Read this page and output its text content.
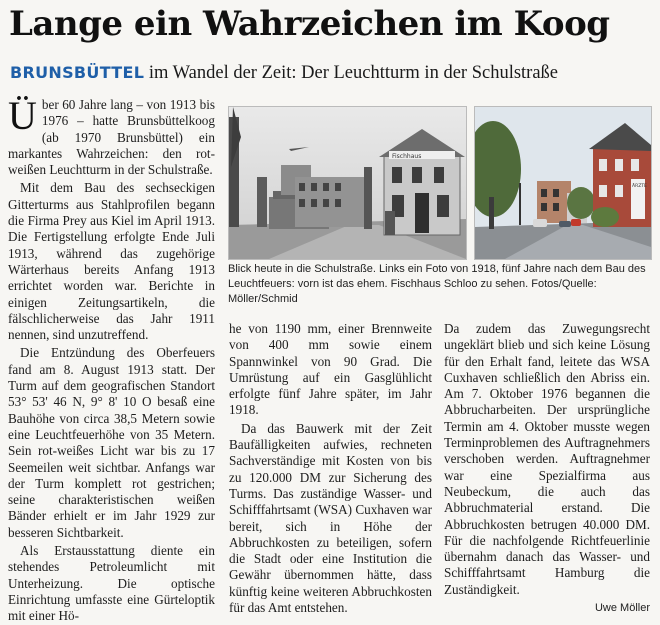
Lange ein Wahrzeichen im Koog
BRUNSBÜTTEL im Wandel der Zeit: Der Leuchtturm in der Schulstraße

Über 60 Jahre lang – von 1913 bis 1976 – hatte Brunsbüttelkoog (ab 1970 Brunsbüttel) ein markantes Wahrzeichen: den rot-weißen Leuchtturm in der Schulstraße.

Mit dem Bau des sechseckigen Gitterturms aus Stahlprofilen begann die Firma Prey aus Kiel im April 1913. Die Fertigstellung erfolgte Ende Juli 1913, während das zugehörige Wärterhaus bereits Anfang 1913 errichtet worden war. Berichte in einigen Zeitungsartikeln, die fälschlicherweise das Jahr 1911 nennen, sind unzutreffend.

Die Entzündung des Oberfeuers fand am 8. August 1913 statt. Der Turm auf dem geografischen Standort 53° 53' 46 N, 9° 8' 10 O besaß eine Bauhöhe von circa 38,5 Metern sowie eine Leuchtfeuerhöhe von 35 Metern. Sein rot-weißes Licht war bis zu 17 Seemeilen weit sichtbar. Anfangs war der Turm komplett rot gestrichen; seine charakteristischen weißen Bänder erhielt er im Jahr 1929 zur besseren Sichtbarkeit.

Als Erstausstattung diente ein stehendes Petroleumlicht mit Unterheizung. Die optische Einrichtung umfasste eine Gürteloptik mit einer Hö-

Fischhaus
ÄRZTE
Blick heute in die Schulstraße. Links ein Foto von 1918, fünf Jahre nach dem Bau des Leuchtfeuers: vorn ist das ehem. Fischhaus Schloo zu sehen. Fotos/Quelle: Möller/Schmid

he von 1190 mm, einer Brennweite von 400 mm sowie einem Spannwinkel von 90 Grad. Die Umrüstung auf ein Gasglühlicht erfolgte fünf Jahre später, im Jahr 1918.

Da das Bauwerk mit der Zeit Baufälligkeiten aufwies, rechneten Sachverständige mit Kosten von bis zu 120.000 DM zur Sicherung des Turms. Das zuständige Wasser- und Schifffahrtsamt (WSA) Cuxhaven war bereit, sich in Höhe der Abbruchkosten zu beteiligen, sofern die Stadt oder eine Institution die Gewähr übernommen hätte, dass künftig keine weiteren Abbruchkosten für das Amt entstehen.

Da zudem das Zuwegungsrecht ungeklärt blieb und sich keine Lösung für den Erhalt fand, leitete das WSA Cuxhaven schließlich den Abriss ein. Am 7. Oktober 1976 begannen die Abbrucharbeiten. Der ursprüngliche Termin am 4. Oktober musste wegen Terminproblemen des Auftragnehmers verschoben werden. Auftragnehmer war eine Spezialfirma aus Neubeckum, die auch das Abbruchmaterial erstand. Die Abbruchkosten betrugen 40.000 DM. Für die nachfolgende Richtfeuerlinie übernahm danach das Wasser- und Schifffahrtsamt Hamburg die Zuständigkeit.

Uwe Möller
